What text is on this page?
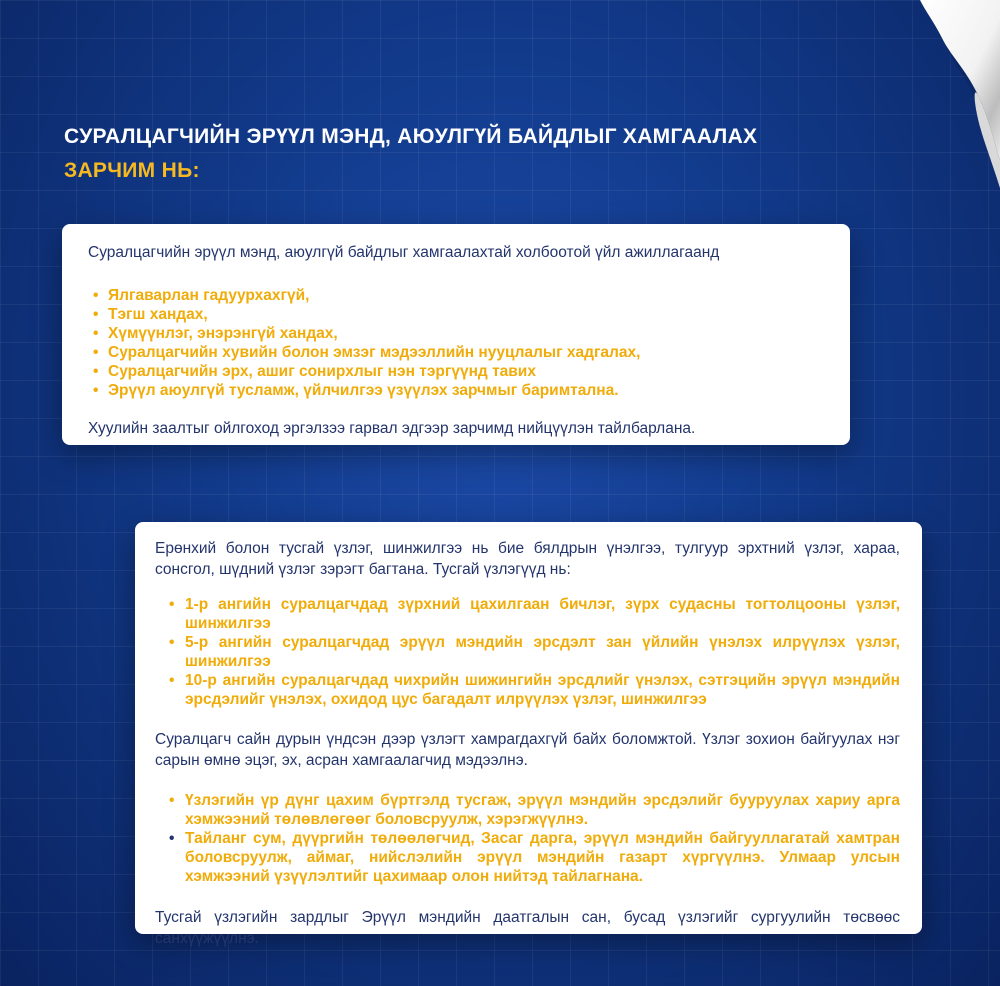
СУРАЛЦАГЧИЙН ЭРҮҮЛ МЭНД, АЮУЛГҮЙ БАЙДЛЫГ ХАМГААЛАХ
ЗАРЧИМ НЬ:

Суралцагчийн эрүүл мэнд, аюулгүй байдлыг хамгаалахтай холбоотой үйл ажиллагаанд

• Ялгаварлан гадуурхахгүй,
• Тэгш хандах,
• Хүмүүнлэг, энэрэнгүй хандах,
• Суралцагчийн хувийн болон эмзэг мэдээллийн нууцлалыг хадгалах,
• Суралцагчийн эрх, ашиг сонирхлыг нэн тэргүүнд тавих
• Эрүүл аюулгүй тусламж, үйлчилгээ үзүүлэх зарчмыг баримтална.

Хуулийн заалтыг ойлгоход эргэлзээ гарвал эдгээр зарчимд нийцүүлэн тайлбарлана.

Ерөнхий болон тусгай үзлэг, шинжилгээ нь бие бялдрын үнэлгээ, тулгуур эрхтний үзлэг, хараа, сонсгол, шүдний үзлэг зэрэгт багтана. Тусгай үзлэгүүд нь:

• 1-р ангийн суралцагчдад зүрхний цахилгаан бичлэг, зүрх судасны тогтолцооны үзлэг, шинжилгээ
• 5-р ангийн суралцагчдад эрүүл мэндийн эрсдэлт зан үйлийн үнэлэх илрүүлэх үзлэг, шинжилгээ
• 10-р ангийн суралцагчдад чихрийн шижингийн эрсдлийг үнэлэх, сэтгэцийн эрүүл мэндийн эрсдэлийг үнэлэх, охидод цус багадалт илрүүлэх үзлэг, шинжилгээ

Суралцагч сайн дурын үндсэн дээр үзлэгт хамрагдахгүй байх боломжтой. Үзлэг зохион байгуулах нэг сарын өмнө эцэг, эх, асран хамгаалагчид мэдээлнэ.

• Үзлэгийн үр дүнг цахим бүртгэлд тусгаж, эрүүл мэндийн эрсдэлийг бууруулах хариу арга хэмжээний төлөвлөгөөг боловсруулж, хэрэгжүүлнэ.
• Тайланг сум, дүүргийн төлөөлөгчид, Засаг дарга, эрүүл мэндийн байгууллагатай хамтран боловсруулж, аймаг, нийслэлийн эрүүл мэндийн газарт хүргүүлнэ. Улмаар улсын хэмжээний үзүүлэлтийг цахимаар олон нийтэд тайлагнана.

Тусгай үзлэгийн зардлыг Эрүүл мэндийн даатгалын сан, бусад үзлэгийг сургуулийн төсвөөс санхүүжүүлнэ.
